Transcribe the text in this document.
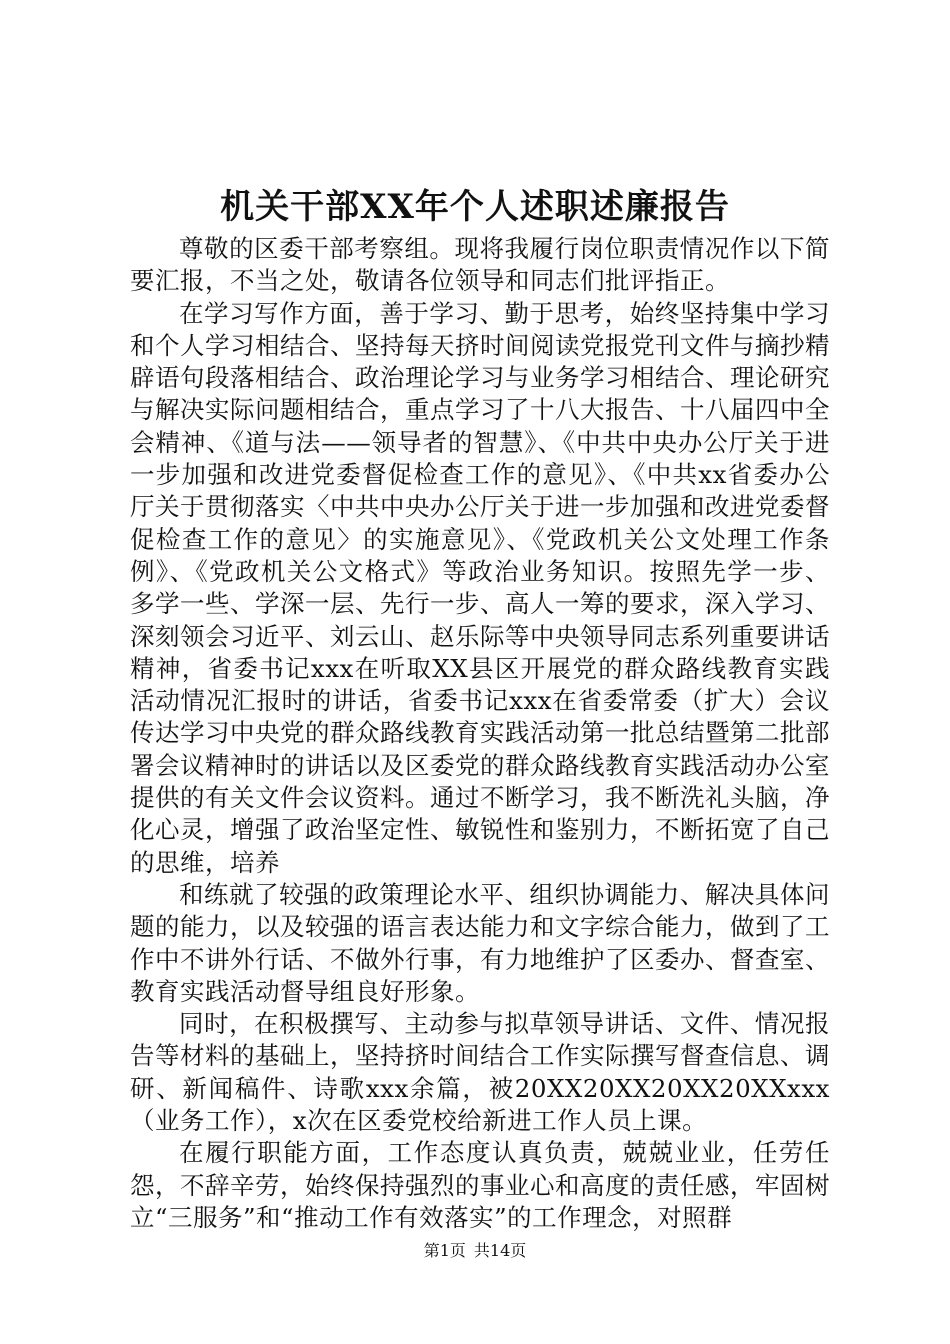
机关干部XX年个人述职述廉报告

尊敬的区委干部考察组。现将我履行岗位职责情况作以下简要汇报，不当之处，敬请各位领导和同志们批评指正。

在学习写作方面，善于学习、勤于思考，始终坚持集中学习和个人学习相结合、坚持每天挤时间阅读党报党刊文件与摘抄精辟语句段落相结合、政治理论学习与业务学习相结合、理论研究与解决实际问题相结合，重点学习了十八大报告、十八届四中全会精神、《道与法——领导者的智慧》、《中共中央办公厅关于进一步加强和改进党委督促检查工作的意见》、《中共xx省委办公厅关于贯彻落实〈中共中央办公厅关于进一步加强和改进党委督促检查工作的意见〉的实施意见》、《党政机关公文处理工作条例》、《党政机关公文格式》等政治业务知识。按照先学一步、多学一些、学深一层、先行一步、高人一筹的要求，深入学习、深刻领会习近平、刘云山、赵乐际等中央领导同志系列重要讲话精神，省委书记xxx在听取XX县区开展党的群众路线教育实践活动情况汇报时的讲话，省委书记xxx在省委常委（扩大）会议传达学习中央党的群众路线教育实践活动第一批总结暨第二批部署会议精神时的讲话以及区委党的群众路线教育实践活动办公室提供的有关文件会议资料。通过不断学习，我不断洗礼头脑，净化心灵，增强了政治坚定性、敏锐性和鉴别力，不断拓宽了自己的思维，培养

和练就了较强的政策理论水平、组织协调能力、解决具体问题的能力，以及较强的语言表达能力和文字综合能力，做到了工作中不讲外行话、不做外行事，有力地维护了区委办、督查室、教育实践活动督导组良好形象。

同时，在积极撰写、主动参与拟草领导讲话、文件、情况报告等材料的基础上，坚持挤时间结合工作实际撰写督查信息、调研、新闻稿件、诗歌xxx余篇，被20XX20XX20XX20XXxxx（业务工作），x次在区委党校给新进工作人员上课。

在履行职能方面，工作态度认真负责，兢兢业业，任劳任怨，不辞辛劳，始终保持强烈的事业心和高度的责任感，牢固树立“三服务”和“推动工作有效落实”的工作理念，对照群

第1页 共14页
